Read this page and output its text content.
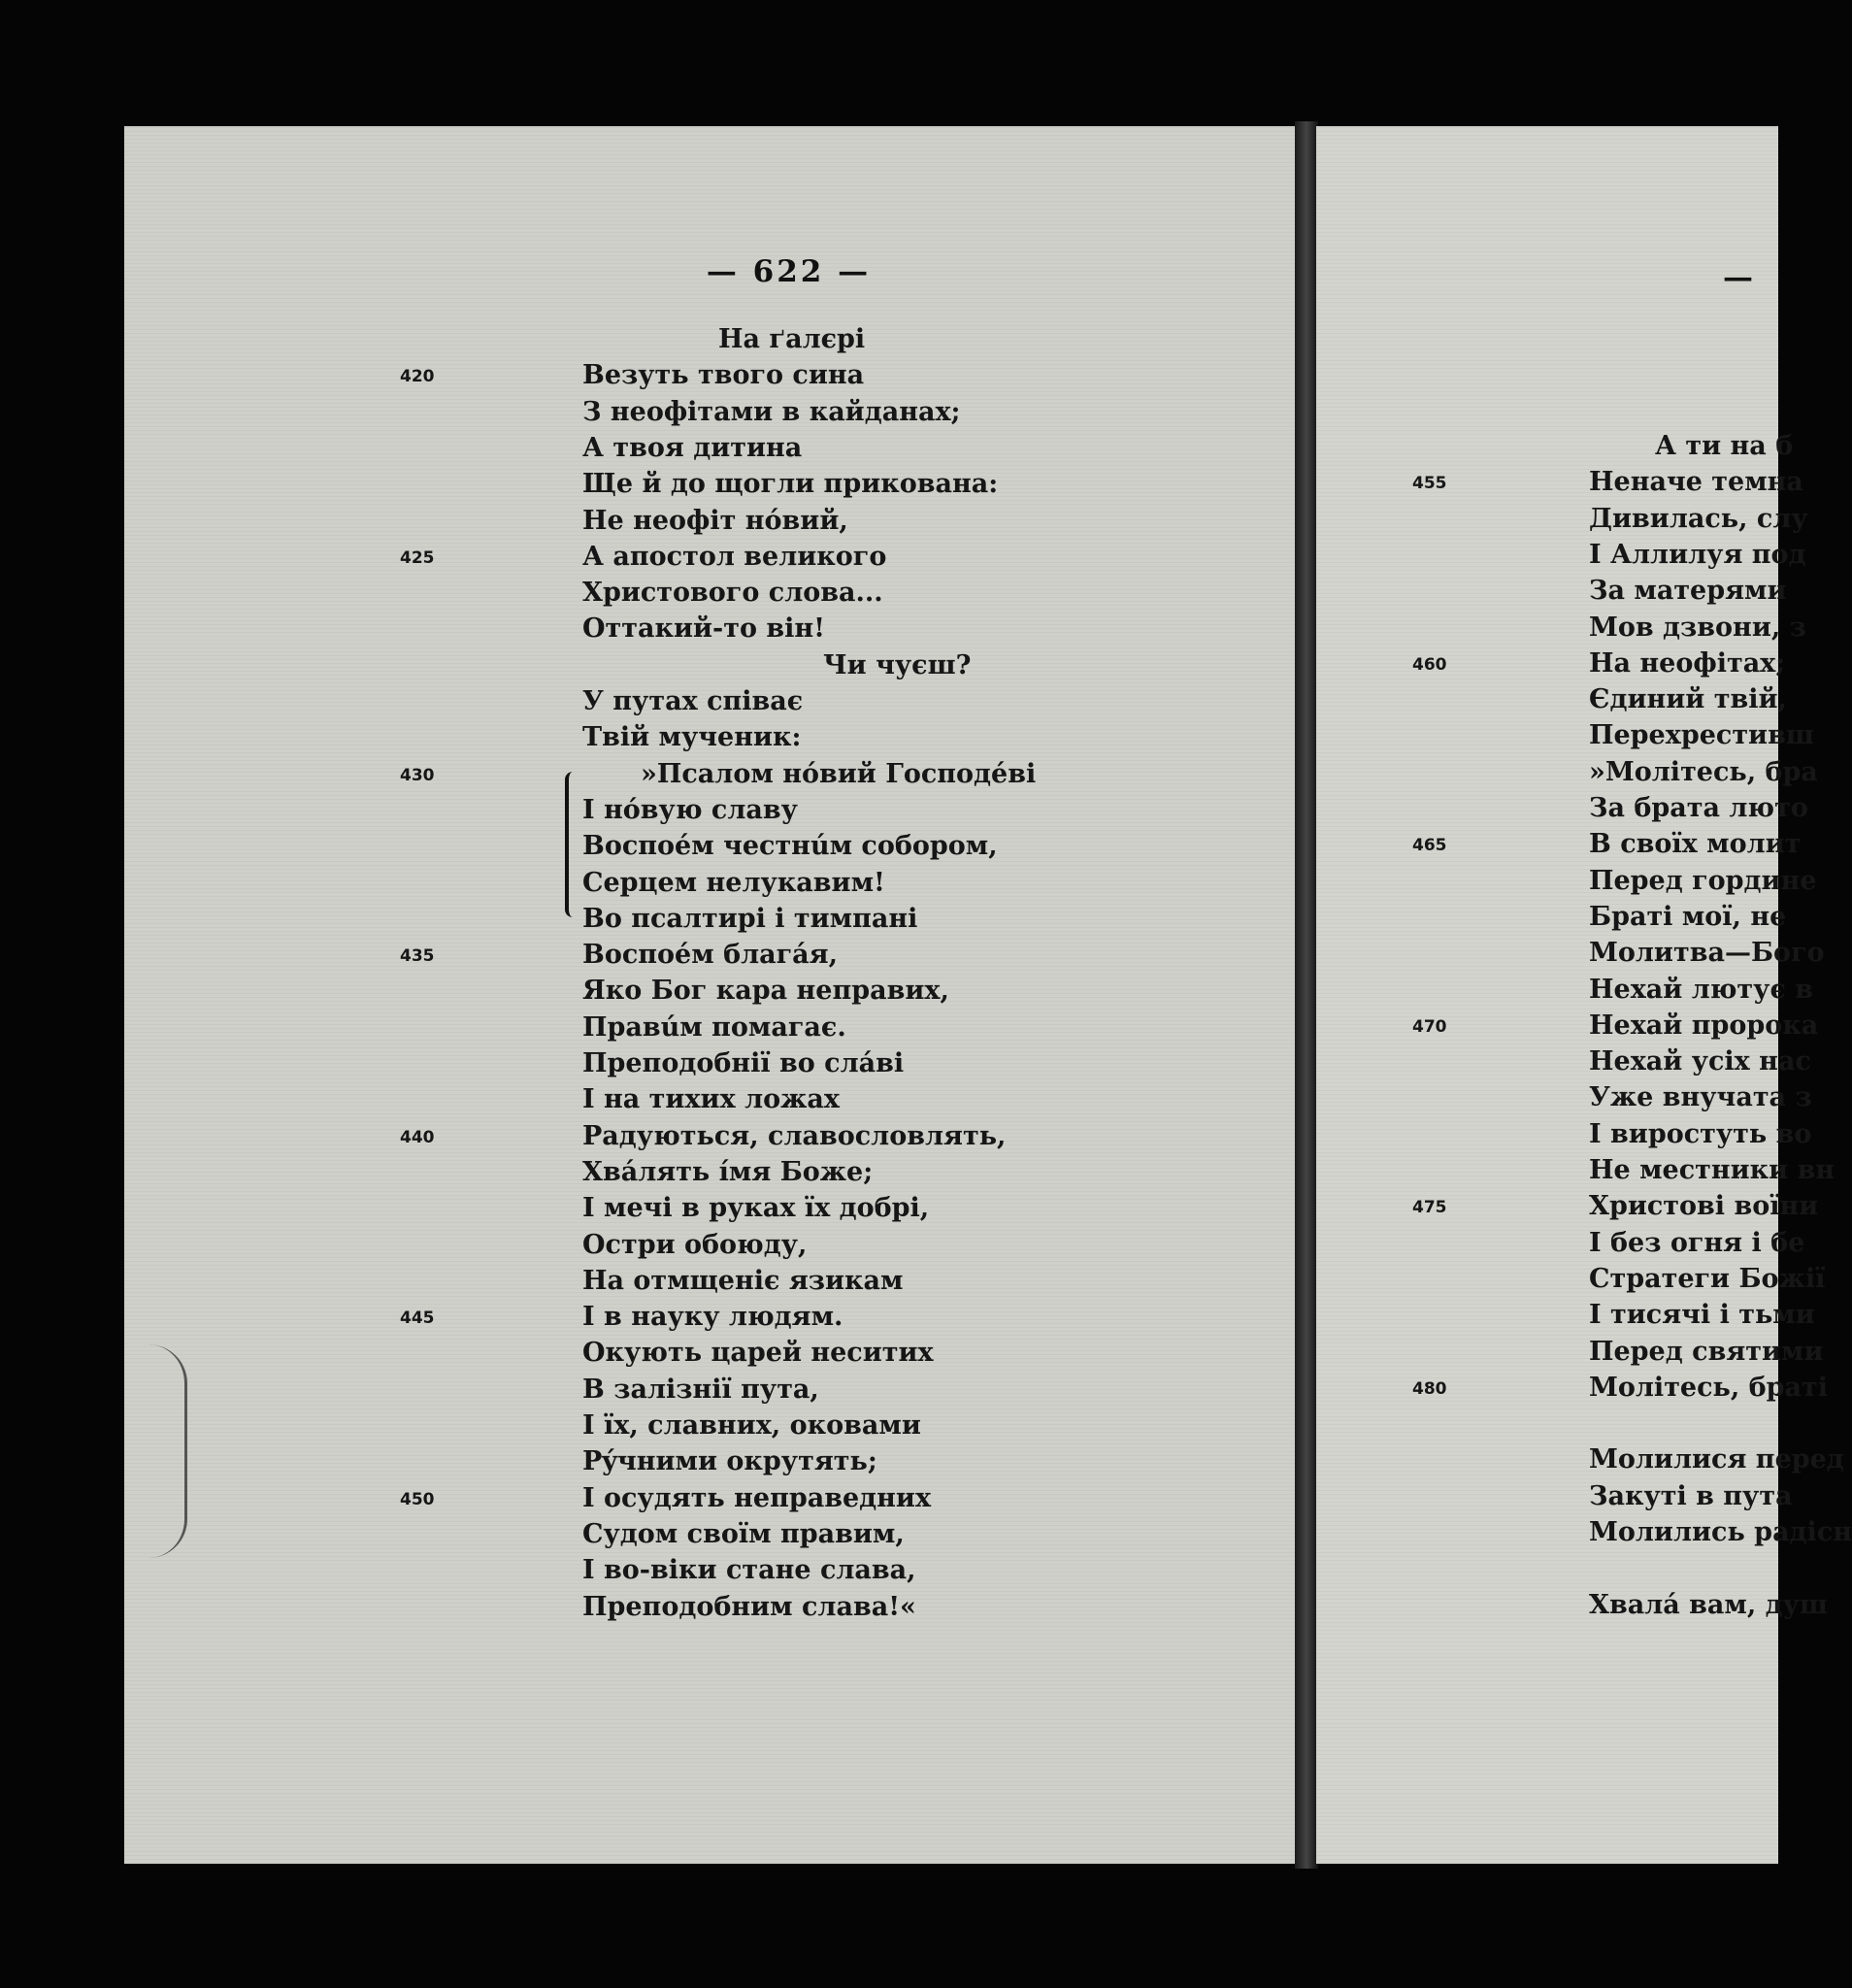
— 622 —	—
На ґалєрі
Везуть твого сина
420
З неофітами в кайданах;
А твоя дитина
Ще й до щогли прикована:
Не неофіт нóвий,
А апостол великого
425
Христового слова...
Оттакий-то він!
Чи чуєш?
У путах співає
Твій мученик:
»Псалом нóвий Господéві
430
І нóвую славу
Воспоéм честнúм собором,
Серцем нелукавим!
Во псалтирі і тимпані
Воспоéм благáя,
435
Яко Бог кара неправих,
Правúм помагає.
Преподобнії во слáві
І на тихих ложах
Радуються, славословлять,
440
Хвáлять íмя Боже;
І мечі в руках їх добрі,
Остри обоюду,
На отмщеніє язикам
І в науку людям.
445
Окують царей неситих
В залізнії пута,
І їх, славних, оковами
Рýчними окрутять;
І осудять неправедних
450
Судом своїм правим,
І во-віки стане слава,
Преподобним слава!«
А ти на б
Неначе темна
455
Дивилась, слу
І Аллилуя под
За матерями
Мов дзвони, з
На неофітах;
460
Єдиний твій,
Перехрестивш
»Молітесь, бра
За брата люто
В своїх молит
465
Перед гордине
Браті мої, не
Молитва—Бого
Нехай лютує в
Нехай пророка
470
Нехай усіх нас
Уже внучата з
І виростуть во
Не местники вн
Христові воїни
475
І без огня і бе
Стратеги Божії
І тисячі і тьми
Перед святими
Молітесь, браті
480
Молилися перед
Закуті в пута
Молились радісн
Хвалá вам, душ
